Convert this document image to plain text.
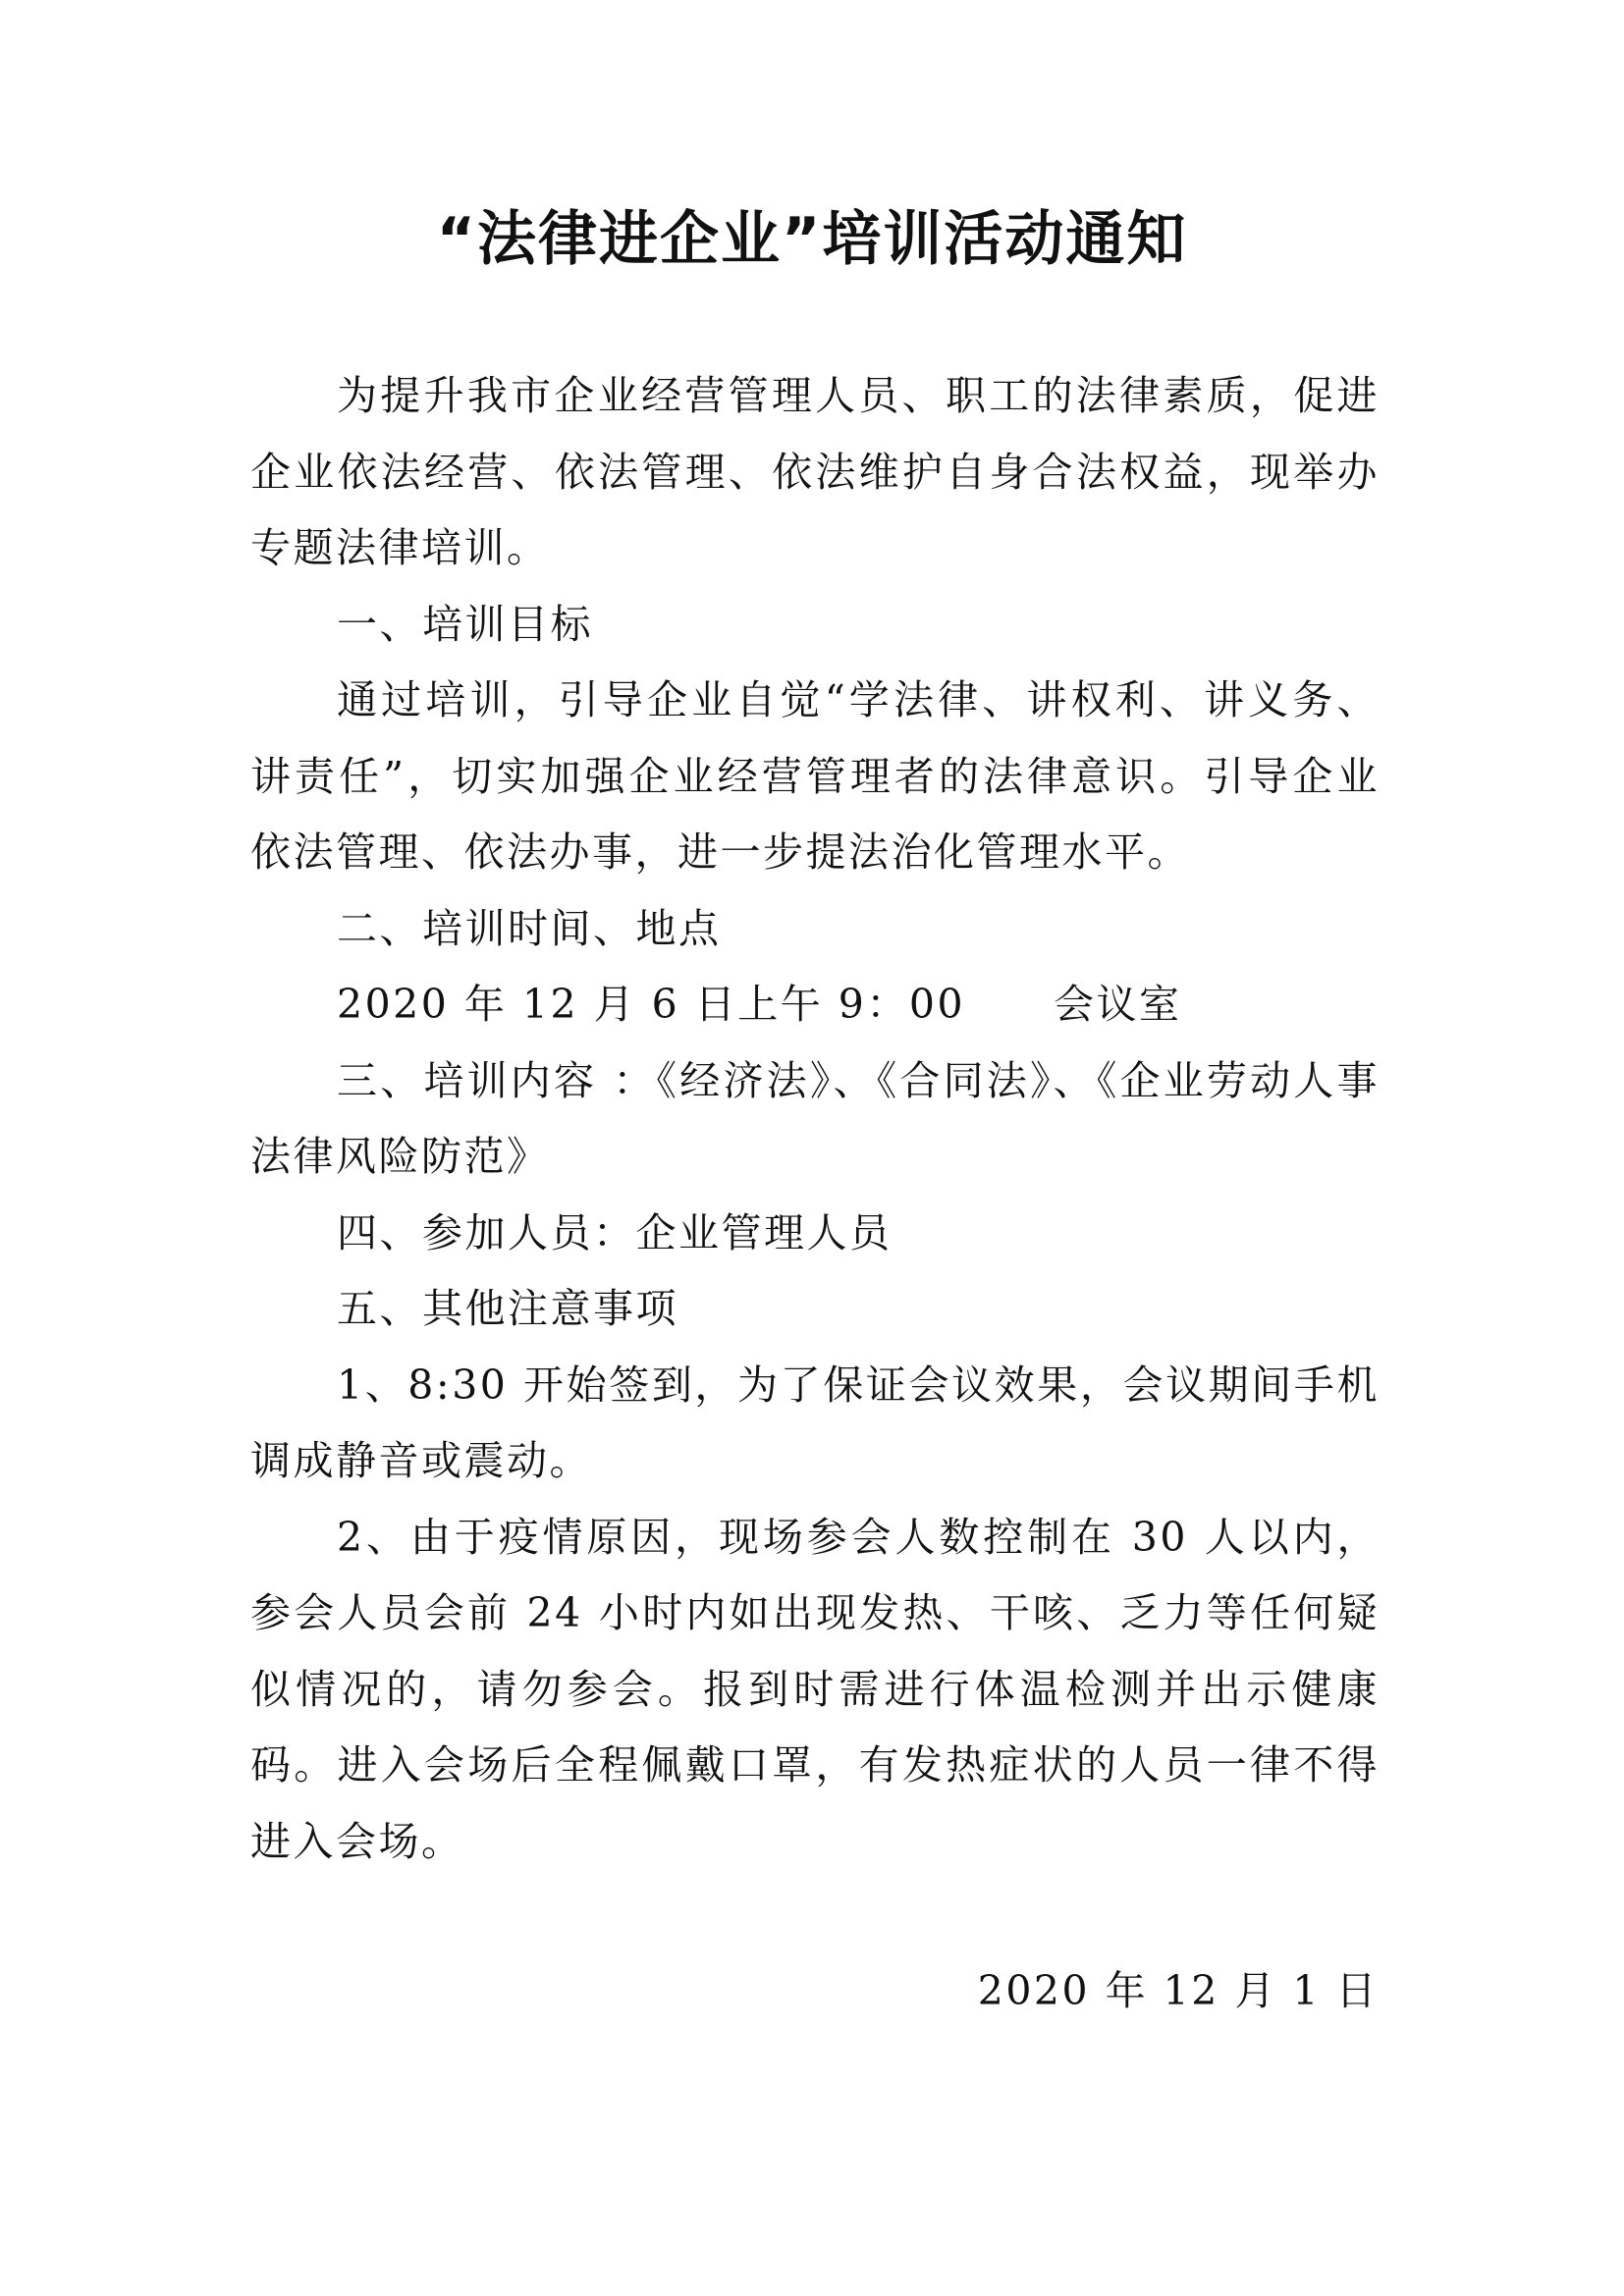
“法律进企业”培训活动通知

为提升我市企业经营管理人员、职工的法律素质，促进企业依法经营、依法管理、依法维护自身合法权益，现举办专题法律培训。

一、培训目标

通过培训，引导企业自觉“学法律、讲权利、讲义务、讲责任”，切实加强企业经营管理者的法律意识。引导企业依法管理、依法办事，进一步提法治化管理水平。

二、培训时间、地点

2020 年 12 月 6 日上午 9：00 会议室

三、培训内容 ：《经济法》、《合同法》、《企业劳动人事法律风险防范》

四、参加人员：企业管理人员

五、其他注意事项

1、8:30 开始签到，为了保证会议效果，会议期间手机调成静音或震动。

2、由于疫情原因，现场参会人数控制在 30 人以内，参会人员会前 24 小时内如出现发热、干咳、乏力等任何疑似情况的，请勿参会。报到时需进行体温检测并出示健康码。进入会场后全程佩戴口罩，有发热症状的人员一律不得进入会场。

2020 年 12 月 1 日
